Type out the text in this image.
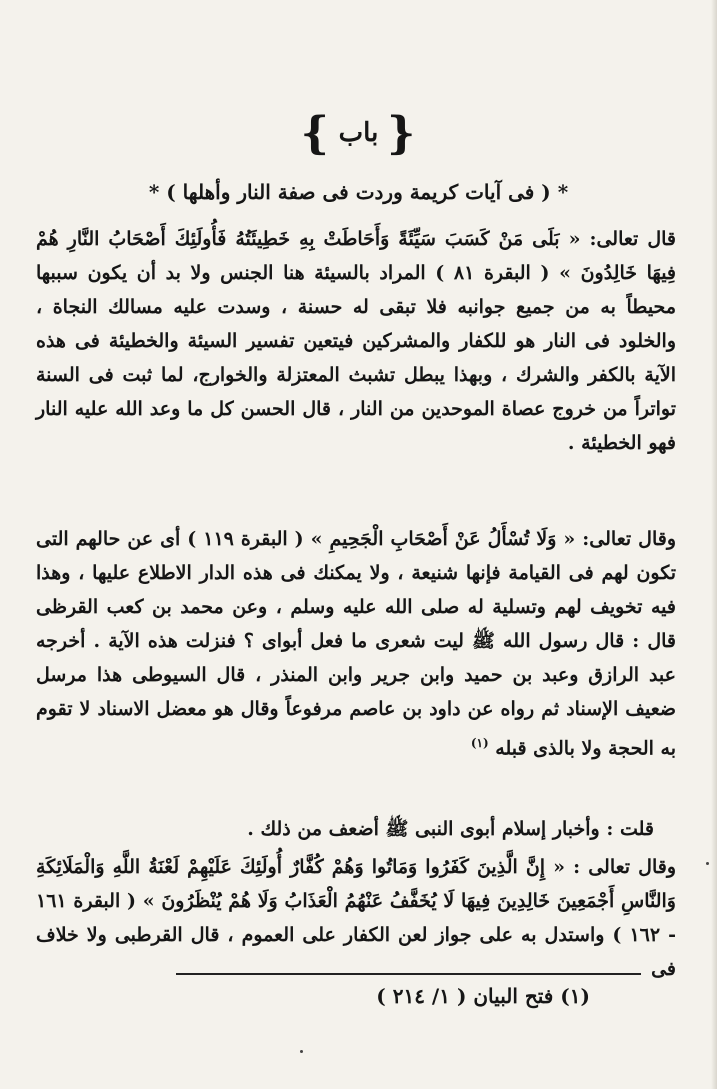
{ باب }
* ( فى آيات كريمة وردت فى صفة النار وأهلها ) *

قال تعالى: « بَلَى مَنْ كَسَبَ سَيِّئَةً وَأَحَاطَتْ بِهِ خَطِيئَتُهُ فَأُولَئِكَ أَصْحَابُ النَّارِ هُمْ فِيهَا خَالِدُونَ » ( البقرة ٨١ ) المراد بالسيئة هنا الجنس ولا بد أن يكون سببها محيطاً به من جميع جوانبه فلا تبقى له حسنة ، وسدت عليه مسالك النجاة ، والخلود فى النار هو للكفار والمشركين فيتعين تفسير السيئة والخطيئة فى هذه الآية بالكفر والشرك ، وبهذا يبطل تشبث المعتزلة والخوارج، لما ثبت فى السنة تواتراً من خروج عصاة الموحدين من النار ، قال الحسن كل ما وعد الله عليه النار فهو الخطيئة .

وقال تعالى: « وَلَا تُسْأَلُ عَنْ أَصْحَابِ الْجَحِيمِ » ( البقرة ١١٩ ) أى عن حالهم التى تكون لهم فى القيامة فإنها شنيعة ، ولا يمكنك فى هذه الدار الاطلاع عليها ، وهذا فيه تخويف لهم وتسلية له صلى الله عليه وسلم ، وعن محمد بن كعب القرظى قال : قال رسول الله ﷺ ليت شعرى ما فعل أبواى ؟ فنزلت هذه الآية . أخرجه عبد الرازق وعبد بن حميد وابن جرير وابن المنذر ، قال السيوطى هذا مرسل ضعيف الإسناد ثم رواه عن داود بن عاصم مرفوعاً وقال هو معضل الاسناد لا تقوم به الحجة ولا بالذى قبله $^{(١)}$

قلت : وأخبار إسلام أبوى النبى ﷺ أضعف من ذلك .

وقال تعالى : « إِنَّ الَّذِينَ كَفَرُوا وَمَاتُوا وَهُمْ كُفَّارٌ أُولَئِكَ عَلَيْهِمْ لَعْنَةُ اللَّهِ وَالْمَلَائِكَةِ وَالنَّاسِ أَجْمَعِينَ خَالِدِينَ فِيهَا لَا يُخَفَّفُ عَنْهُمُ الْعَذَابُ وَلَا هُمْ يُنْظَرُونَ » ( البقرة ١٦١ - ١٦٢ ) واستدل به على جواز لعن الكفار على العموم ، قال القرطبى ولا خلاف فى

(١) فتح البيان ( ١/ ٢١٤ )
